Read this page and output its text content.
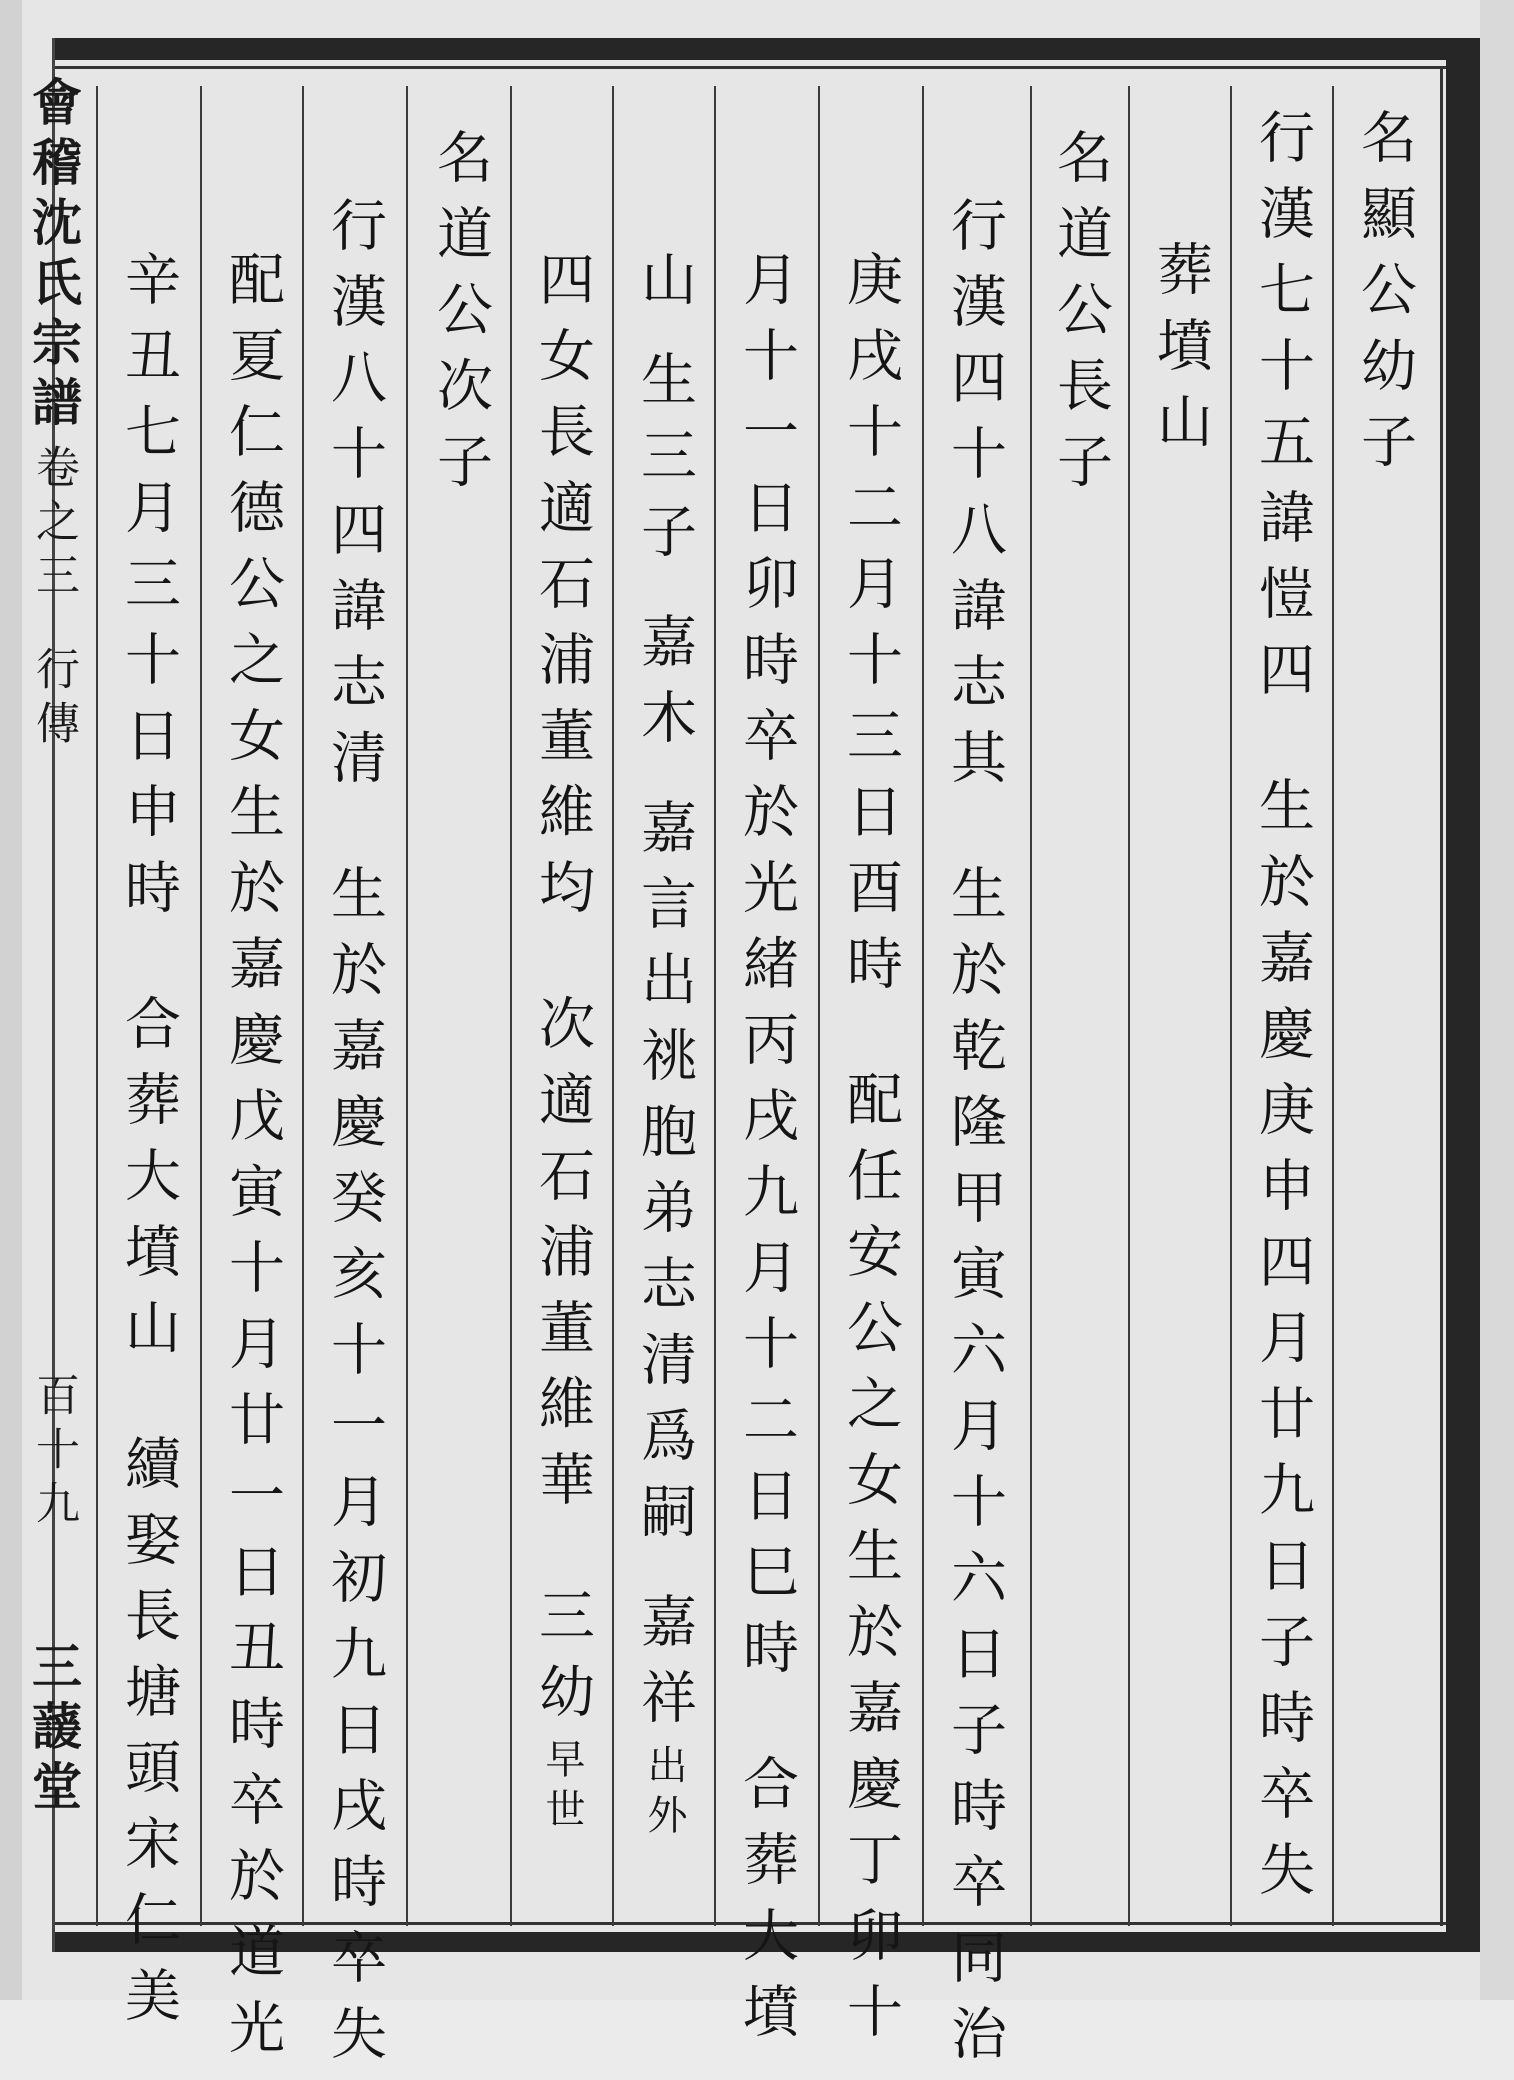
名顯公幼子
行漢七十五諱愷四
生於嘉慶庚申四月廿九日子時卒失
葬墳山
名道公長子
行漢四十八諱志其
生於乾隆甲寅六月十六日子時卒同治
庚戌十二月十三日酉時
配任安公之女生於嘉慶丁卯十
月十一日卯時卒於光緒丙戌九月十二日巳時
合葬大墳
山
生三子
嘉木
嘉言出祧胞弟志清爲嗣
嘉祥
出外
四女長適石浦董維均
次適石浦董維華
三幼
早世
名道公次子
行漢八十四諱志清
生於嘉慶癸亥十一月初九日戌時卒失
配夏仁德公之女生於嘉慶戊寅十月廿一日丑時卒於道光
辛丑七月三十日申時
合葬大墳山
續娶長塘頭宋仁美
會稽沈氏宗譜
卷之三
行傳
百十九
三蘐堂
